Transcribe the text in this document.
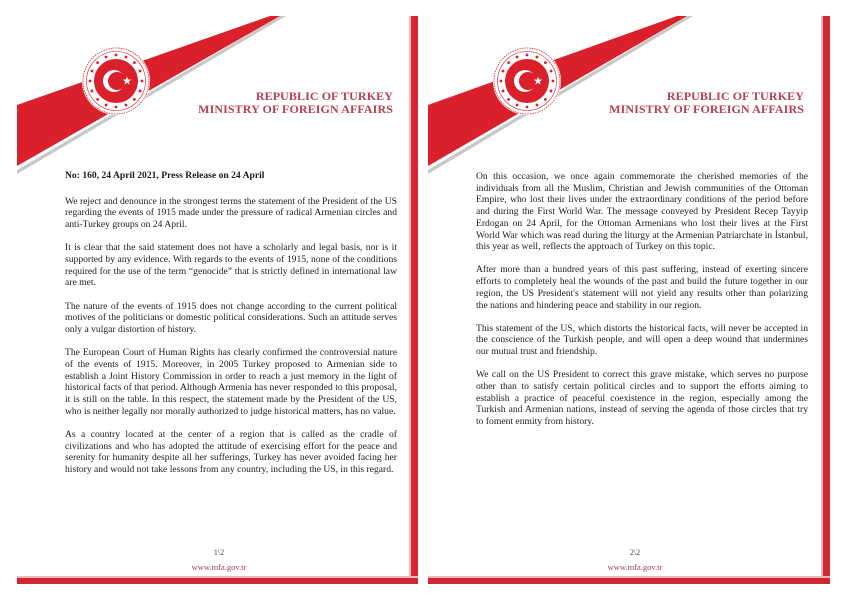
REPUBLIC OF TURKEY
MINISTRY OF FOREIGN AFFAIRS

No: 160, 24 April 2021, Press Release on 24 April

We reject and denounce in the strongest terms the statement of the President of the US regarding the events of 1915 made under the pressure of radical Armenian circles and anti-Turkey groups on 24 April.

It is clear that the said statement does not have a scholarly and legal basis, nor is it supported by any evidence. With regards to the events of 1915, none of the conditions required for the use of the term “genocide” that is strictly defined in international law are met.

The nature of the events of 1915 does not change according to the current political motives of the politicians or domestic political considerations. Such an attitude serves only a vulgar distortion of history.

The European Court of Human Rights has clearly confirmed the controversial nature of the events of 1915. Moreover, in 2005 Turkey proposed to Armenian side to establish a Joint History Commission in order to reach a just memory in the light of historical facts of that period. Although Armenia has never responded to this proposal, it is still on the table. In this respect, the statement made by the President of the US, who is neither legally nor morally authorized to judge historical matters, has no value.

As a country located at the center of a region that is called as the cradle of civilizations and who has adopted the attitude of exercising effort for the peace and serenity for humanity despite all her sufferings, Turkey has never avoided facing her history and would not take lessons from any country, including the US, in this regard.

1\2
www.mfa.gov.tr
REPUBLIC OF TURKEY
MINISTRY OF FOREIGN AFFAIRS

On this occasion, we once again commemorate the cherished memories of the individuals from all the Muslim, Christian and Jewish communities of the Ottoman Empire, who lost their lives under the extraordinary conditions of the period before and during the First World War. The message conveyed by President Recep Tayyip Erdogan on 24 April, for the Ottoman Armenians who lost their lives at the First World War which was read during the liturgy at the Armenian Patriarchate in İstanbul, this year as well, reflects the approach of Turkey on this topic.

After more than a hundred years of this past suffering, instead of exerting sincere efforts to completely heal the wounds of the past and build the future together in our region, the US President's statement will not yield any results other than polarizing the nations and hindering peace and stability in our region.

This statement of the US, which distorts the historical facts, will never be accepted in the conscience of the Turkish people, and will open a deep wound that undermines our mutual trust and friendship.

We call on the US President to correct this grave mistake, which serves no purpose other than to satisfy certain political circles and to support the efforts aiming to establish a practice of peaceful coexistence in the region, especially among the Turkish and Armenian nations, instead of serving the agenda of those circles that try to foment enmity from history.

2\2
www.mfa.gov.tr
